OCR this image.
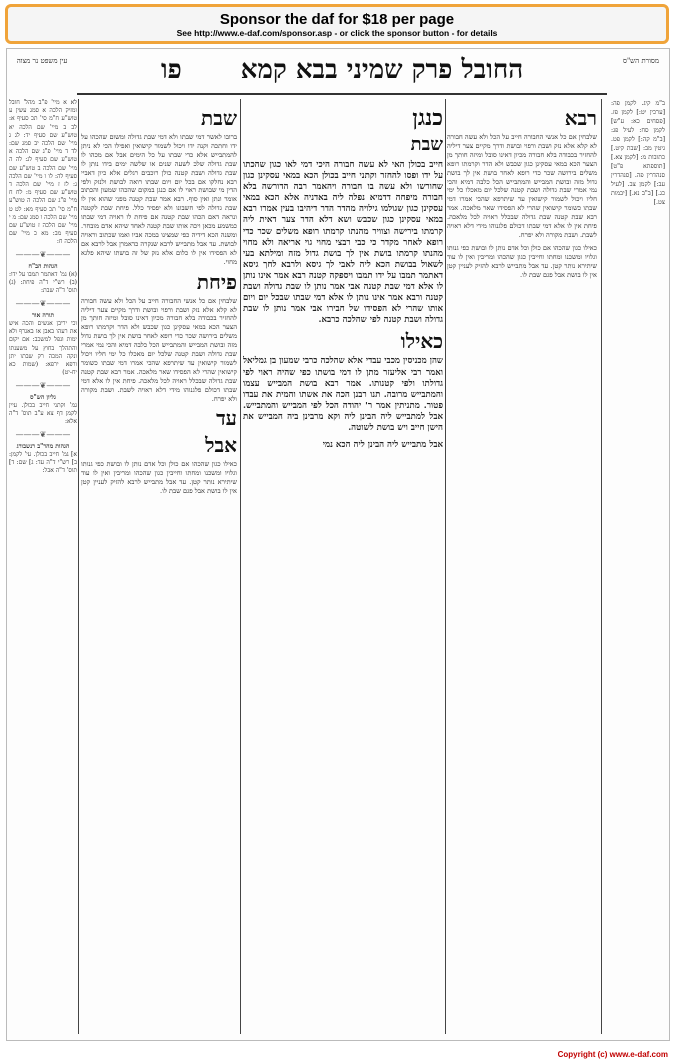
Sponsor the daf for $18 per page
See http://www.e-daf.com/sponsor.asp - or click the sponsor button - for details
עין משפט נר מצוה	פו	החובל פרק שמיני בבא קמא	מסורת הש"ס
לא א מיי' פ"ב מהל' חובל ומזיק הלכה א סמג עשין ע טוש"ע ח"מ סי' תכ סעיף א: לב ב מיי' שם הלכה יא טוש"ע שם סעיף יד: לג ג מיי' שם הלכה יב סמג שם: לד ד מיי' פ"ג שם הלכה א טוש"ע שם סעיף לג: לה ה מיי' שם הלכה ב טוש"ע שם סעיף לה: לו ו מיי' שם הלכה ג: לז ז מיי' שם הלכה ד טוש"ע שם סעיף מ: לח ח מיי' פ"ג שם הלכה ה טוש"ע ח"מ סי' תכ סעיף מא: לט ט מיי' שם הלכה ו סמג שם: מ י מיי' שם הלכה ז טוש"ע שם סעיף מב: מא כ מיי' שם הלכה ח:
———❦———
הגהות הב"ח
(א) גמ' דאתמר תמבו על ידו: (ב) רש"י ד"ה פיחת: (ג) תוס' ד"ה שבת:
———❦———
תורה אור
וכי יריבן אנשים והכה איש את רעהו באבן או באגרף ולא ימות ונפל למשכב: אם יקום והתהלך בחוץ על משענתו ונקה המכה רק שבתו יתן ורפא ירפא: (שמות כא יח-יט)
———❦———
גליון הש"ס
גמ' וקתני חייב בכולן. עיין לקמן דף צא ע"ב תוס' ד"ה אלא:
———❦———
הגהות מהר"ב רנשבורג
א] גמ' חייב בכולן. עי' לקמן: ב] רש"י ד"ה עד: ג] שם: ד] תוס' ד"ה אבל:
שבת
ברובו לאשר דמי שבתו ולא דמי שבת גדולה ומשום שהכהו על ידו וחתכה וקנה ידו ויכול לשמור קישואין ואפילו הכי לא ניתן להמתבייש אלא כדי שבתו על כל הימים אבל אם מכהו לו שבת גדולה שלכ לשעה שנים או שלשה ימים בידו נותן לו שבת גדולה ושבת קטנה כולן רוכבים רגלים אלא כיון דאביי רבא נחלקו אם בכל יום ויום שבתו רואה לבושת ולנזק ולפי הדין מי שבושת ראוי לו אם כנגן במקום שהכהו שמעון והכתוב אומר ונתן ואין סוף. רבא אמר שבת קטנה מפני שהוא אין לו שבת גדולה לפי חשבונו ולא יפסיד כלל. פיחת שבת לקטנה ונראה דאם הכהו שבת קטנה אם פיחת לו ראויה דמי שבתו כמשמע מכאן ויכה אותו שבת קטנה לאחד שיהא אדם מובחר. ומשנה הכא דידיה כפי שמצינו במכה אביו ואמו שכתוב וראויה לבושת. עד אבל מתבייש לרבא שנקרה כדאמרן אבל לרבא אם לא הפסידו אין לו כלום אלא נזק של זה בושתו שיהא פלגא מחוי.
פיחת
שלבחין אם כל אנשי החבורה חייב על הכל ולא עשה חבורה לא קלא אלא נזק ושבת ורפוי ובושת ודרך מקיים צער דיליה להחזיר בכבודה בלא חבורה מכיון דאינו סובל ומיזה חותך מן הצער הכא במאי עסקינן כגון שכבש ולא הדר וקרמתו רופא משלים בירושה שכר כדי רופא לאחר בושת אין לך בושת גדול מזה ובושת המבייש והמתבייש הכל כלבה דמיא והכי נמי אמרי שבת גדולה ושבת קטנה שלכל יום מאכלו כל ימי חליו ויכול לשמור קישואין עד שיתרפא שהכי אמרו דמי שבתו כשומר קישואין שהרי לא הפסידו שאר מלאכה. אמר רבא שבת קטנה שבת גדולה שבכלל ראויה לכל מלאכה. פיחת אין לו אלא דמי שבתו דכולם פלגנוהו מידי דלא ראויה לשבת. ושבת מקורה ולא יפרח.
עד
אבל
כאילו כגון שהכהו אם כולן וכל אדם נותן לו ובושת כפי גנותו וגלויו ומשכנו ומחתו וחייבין כגון שהכהו ומריבין ואין לו עוד שיתירא נותר קטן. עד אבל מתבייש לרבא להזיק לעניין קטן אין לו בושת אבל פגם שבת לו.
כנגן
שבת
חייב בכולן האי לא עשה חבורה היכי דמי לאו כגון שהכתו על ידו ופסו להחזר וקתני חייב בכולן הכא במאי עסקינן כגון שחורשו ולא עשה בו חבורה ויהאמר רבה הדורשה בלא חבורה מיפחה דדמיא נפלה ליה באדניה אלא הכא במאי עסקינן כגון שגולמו גילויה מהדר הדר דיהיבו בעין אמרו רבא במאי עסקינן כגון שכבש ושא דלא הדר צער דאית ליה קרמתו בירישה וצוויר מהנתו קרמתו רופא משלים שכר כדי רופא לאחר מקדר כי כבי רבצי מחוי גוי אריאה ולא מחוי מהנתו קרמתו בושת אין לך בושת גדול מזה ומילתא בעי לשאול בבושת הכא ליה לאבי לך גיסא ולרבא לחך גיסא דאתמר תמבו על ידו תמבו ויספקה קטנה רבא אמר אינו נותן לו אלא דמי שבת קטנה אבי אמר נותן לו שבת גדולה ושבת קטנה ורבא אמר אינו נותן לו אלא דמי שבתו שבכל יום ויום אותו שהרי לא הפסידו של חבירו אבי אמר נותן לו שבת גדולה ושבת קטנה לפי שהלכה כרבא.
כאילו
שהן מכניסין מכבי עבדי אלא שהלכה כרבי שמעון בן גמליאל ואמר רבי אליעזר מתן לו דמי בושתו כפי שהיה ראוי לפי גדולתו ולפי קטנותו. אמר רבא בושת המבייש עצמו והמתבייש מרובה. תנו רבנן הכה את אשתו והמית את עבדו פטור. מתניתין אמר ר' יהודה הכל לפי המבייש והמתבייש. אבל למתבייש ליה הבינן ליה וקא מרבינן ביה המבייש את הישן חייב ויש בושת לשוטה.
אבל מתבייש ליה הבינן ליה הכא נמי
רבא
שלבחין אם כל אנשי החבורה חייב על הכל ולא עשה חבורה לא קלא אלא נזק ושבת ורפוי ובושת ודרך מקיים צער דיליה להחזיר בכבודה בלא חבורה מכיון דאינו סובל ומיזה חותך מן הצער הכא במאי עסקינן כגון שכבש ולא הדר וקרמתו רופא משלים בירושה שכר כדי רופא לאחר בושת אין לך בושת גדול מזה ובושת המבייש והמתבייש הכל כלבה דמיא והכי נמי אמרי שבת גדולה ושבת קטנה שלכל יום מאכלו כל ימי חליו ויכול לשמור קישואין עד שיתרפא שהכי אמרו דמי שבתו כשומר קישואין שהרי לא הפסידו שאר מלאכה. אמר רבא שבת קטנה שבת גדולה שבכלל ראויה לכל מלאכה. פיחת אין לו אלא דמי שבתו דכולם פלגנוהו מידי דלא ראויה לשבת. ושבת מקורה ולא יפרח.
כאילו כגון שהכהו אם כולן וכל אדם נותן לו ובושת כפי גנותו וגלויו ומשכנו ומחתו וחייבין כגון שהכהו ומריבין ואין לו עוד שיתירא נותר קטן. עד אבל מתבייש לרבא להזיק לעניין קטן אין לו בושת אבל פגם שבת לו.
ב"מ קיג. לקמן פה: [ערכין יט:] לקמן פז. [פסחים כא: ע"ש] לקמן סח: לעיל פג: [ב"מ קה:] לקמן פט. גיטין מב: [שבת קיט.] כתובות מ: [לקמן צא.] [תוספתא פ"ט] סנהדרין פה. [סנהדרין עב:] לקמן צב. [לעיל כג.] [ב"ב נא.] [יבמות צט.]
Copyright (c) www.e-daf.com
